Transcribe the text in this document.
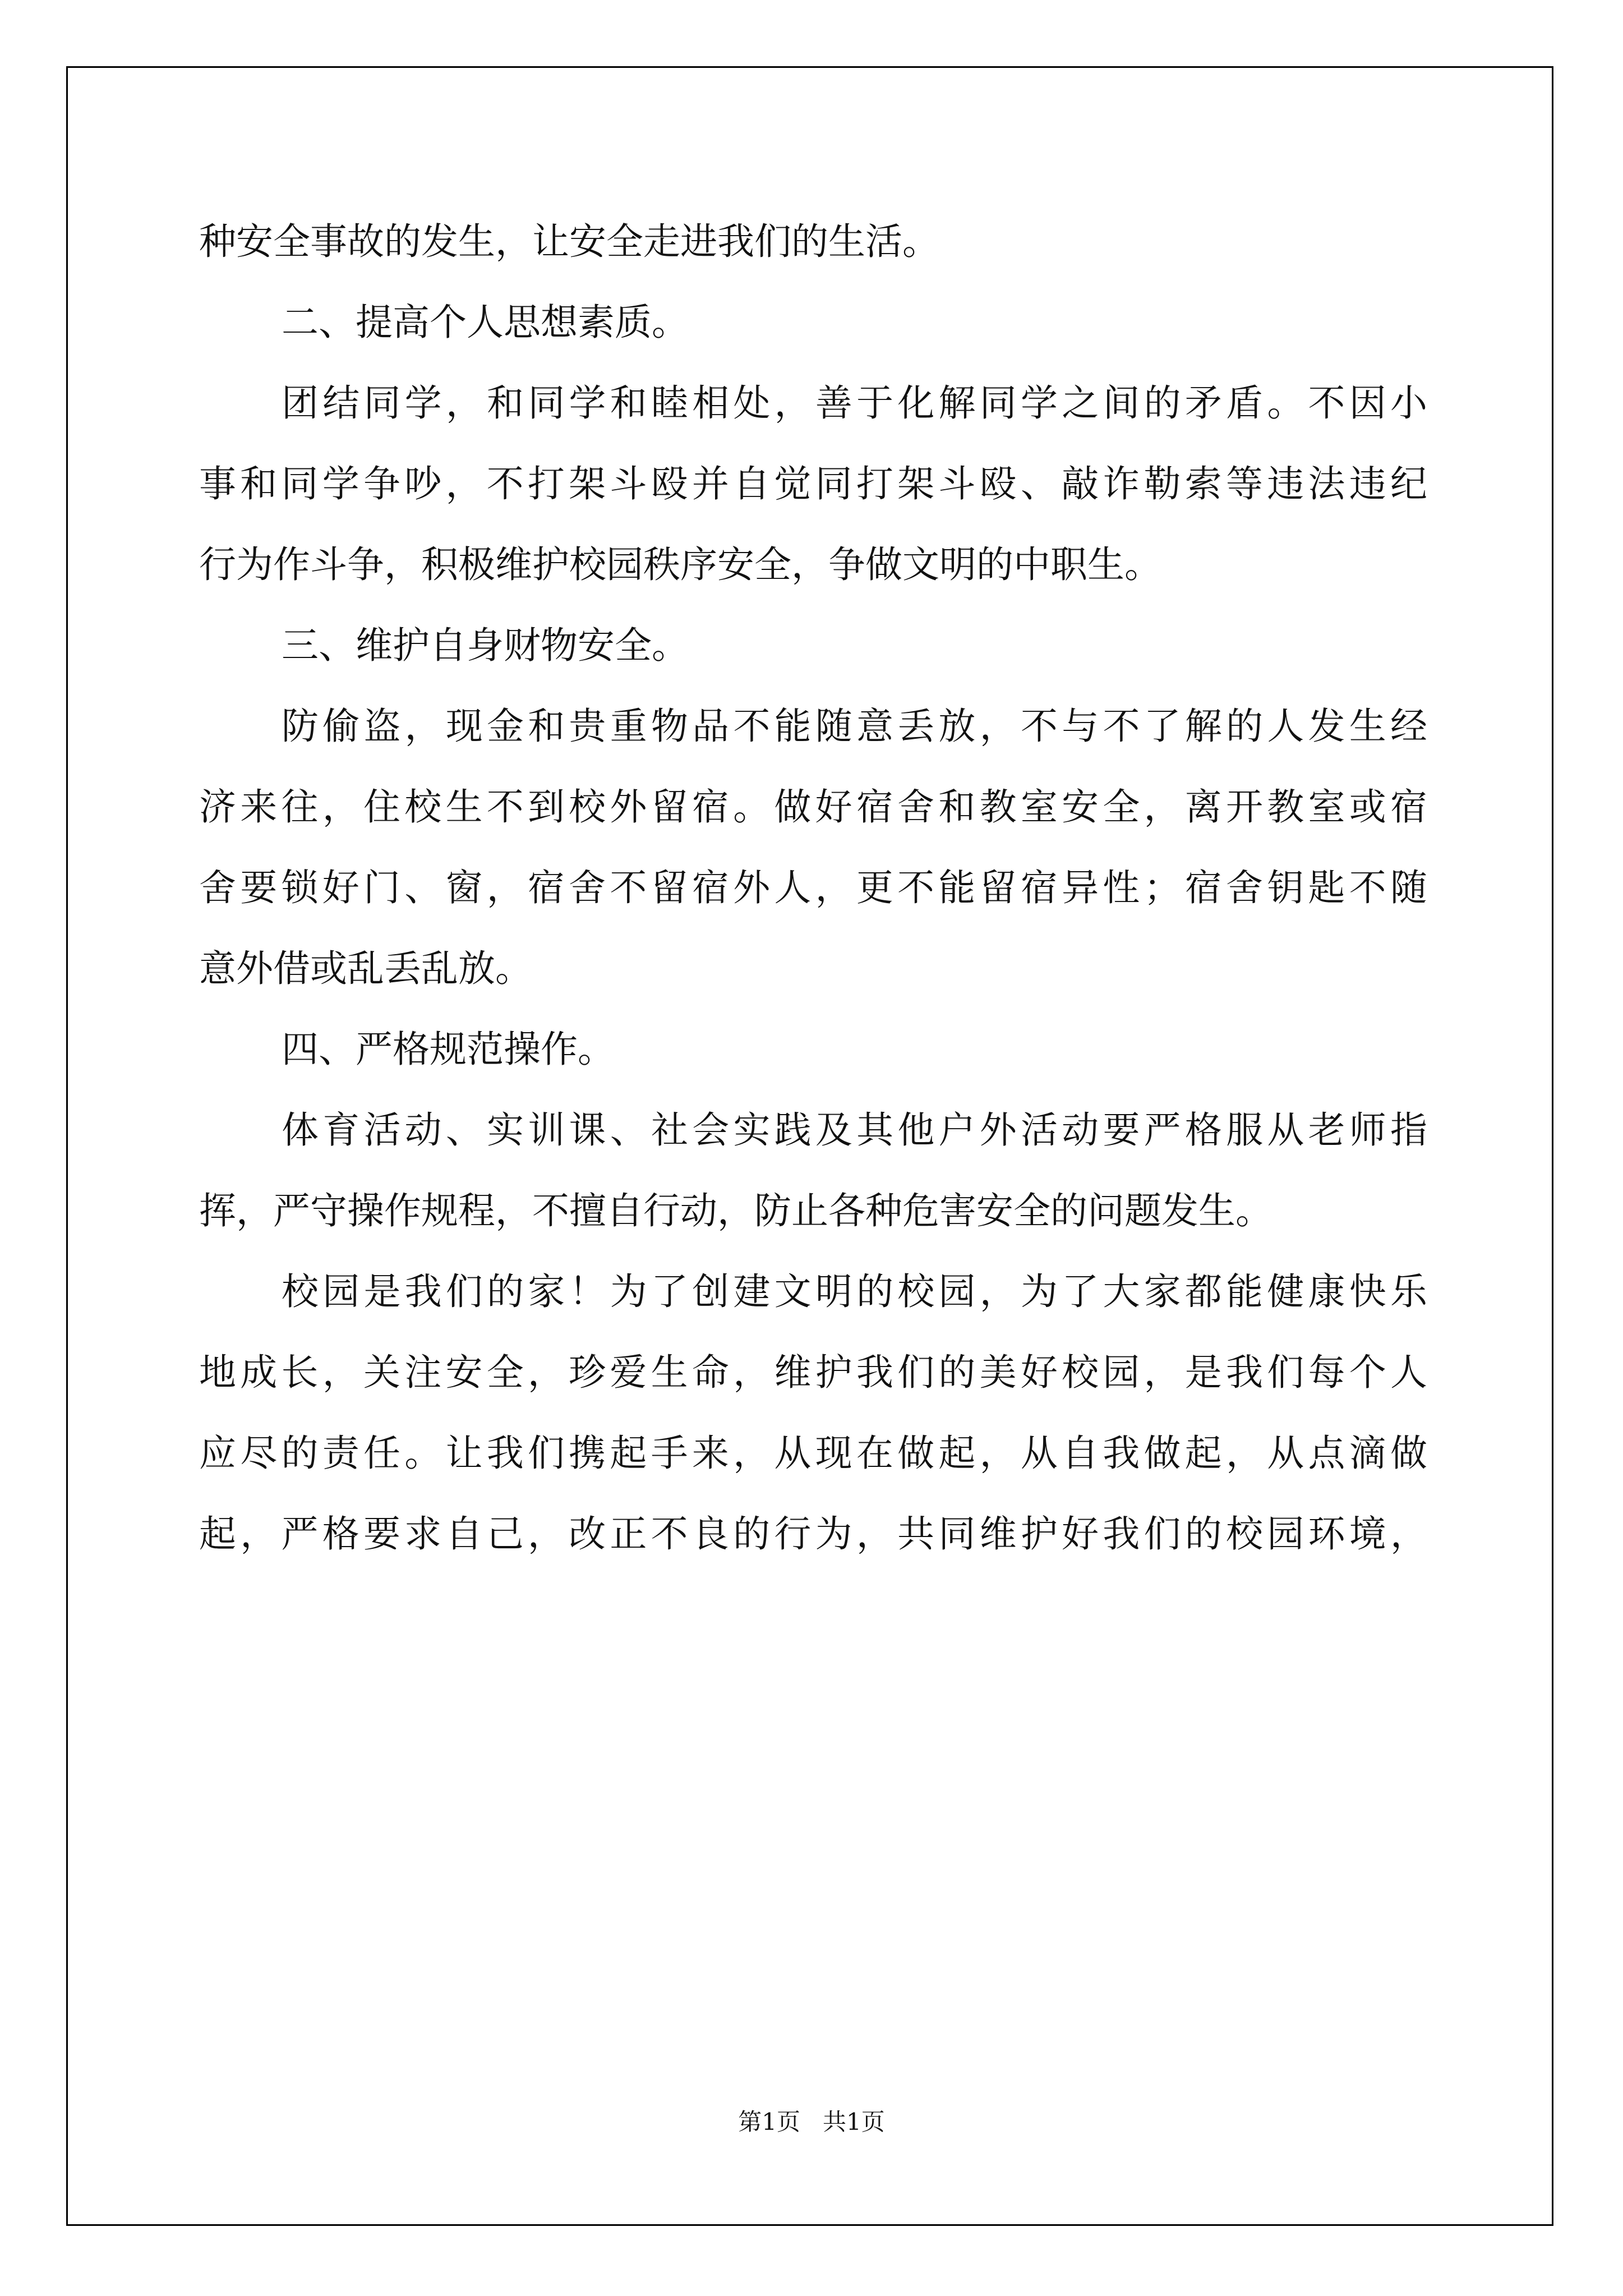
种安全事故的发生，让安全走进我们的生活。
二、提高个人思想素质。
团结同学，和同学和睦相处，善于化解同学之间的矛盾。不因小
事和同学争吵，不打架斗殴并自觉同打架斗殴、敲诈勒索等违法违纪
行为作斗争，积极维护校园秩序安全，争做文明的中职生。
三、维护自身财物安全。
防偷盗，现金和贵重物品不能随意丢放，不与不了解的人发生经
济来往，住校生不到校外留宿。做好宿舍和教室安全，离开教室或宿
舍要锁好门、窗，宿舍不留宿外人，更不能留宿异性；宿舍钥匙不随
意外借或乱丢乱放。
四、严格规范操作。
体育活动、实训课、社会实践及其他户外活动要严格服从老师指
挥，严守操作规程，不擅自行动，防止各种危害安全的问题发生。
校园是我们的家！为了创建文明的校园，为了大家都能健康快乐
地成长，关注安全，珍爱生命，维护我们的美好校园，是我们每个人
应尽的责任。让我们携起手来，从现在做起，从自我做起，从点滴做
起，严格要求自己，改正不良的行为，共同维护好我们的校园环境，
第1页   共1页
